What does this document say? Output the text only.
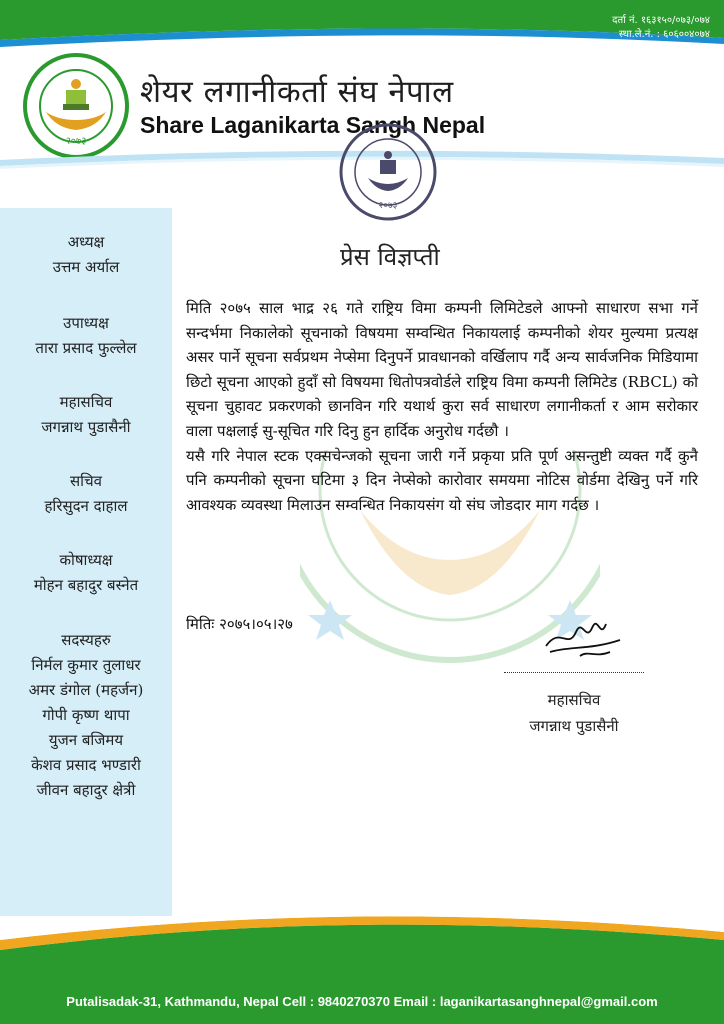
दर्ता नं. १६३१५०/०७३/०७४
स्था.ले.नं. : ६०६००४०७४
२०७३
शेयर लगानीकर्ता संघ नेपाल
Share Laganikarta Sangh Nepal
२०७३
अध्यक्ष
उत्तम अर्याल
उपाध्यक्ष
तारा प्रसाद फुल्लेल
महासचिव
जगन्नाथ पुडासैनी
सचिव
हरिसुदन दाहाल
कोषाध्यक्ष
मोहन बहादुर बस्नेत
सदस्यहरु
निर्मल कुमार तुलाधर
अमर डंगोल (महर्जन)
गोपी कृष्ण थापा
युजन बजिमय
केशव प्रसाद भण्डारी
जीवन बहादुर क्षेत्री
प्रेस विज्ञप्ती

मिति २०७५ साल भाद्र २६ गते राष्ट्रिय विमा कम्पनी लिमिटेडले आफ्नो साधारण सभा गर्ने सन्दर्भमा निकालेको सूचनाको विषयमा सम्वन्धित निकायलाई कम्पनीको शेयर मुल्यमा प्रत्यक्ष असर पार्ने सूचना सर्वप्रथम नेप्सेमा दिनुपर्ने प्रावधानको वर्खिलाप गर्दै अन्य सार्वजनिक मिडियामा छिटो सूचना आएको हुदाँ सो विषयमा धितोपत्रवोर्डले राष्ट्रिय विमा कम्पनी लिमिटेड (RBCL) को सूचना चुहावट प्रकरणको छानविन गरि यथार्थ कुरा सर्व साधारण लगानीकर्ता र आम सरोकार वाला पक्षलाई सु-सूचित गरि दिनु हुन हार्दिक अनुरोध गर्दछौ ।

यसै गरि नेपाल स्टक एक्सचेन्जको सूचना जारी गर्ने प्रकृया प्रति पूर्ण असन्तुष्टी व्यक्त गर्दै कुनै पनि कम्पनीको सूचना घटिमा ३ दिन नेप्सेको कारोवार समयमा नोटिस वोर्डमा देखिनु पर्ने गरि आवश्यक व्यवस्था मिलाउन सम्वन्धित निकायसंग यो संघ जोडदार माग गर्दछ ।

मितिः २०७५।०५।२७
महासचिव
जगन्नाथ पुडासैनी
Putalisadak-31, Kathmandu, Nepal Cell : 9840270370 Email : laganikartasanghnepal@gmail.com
